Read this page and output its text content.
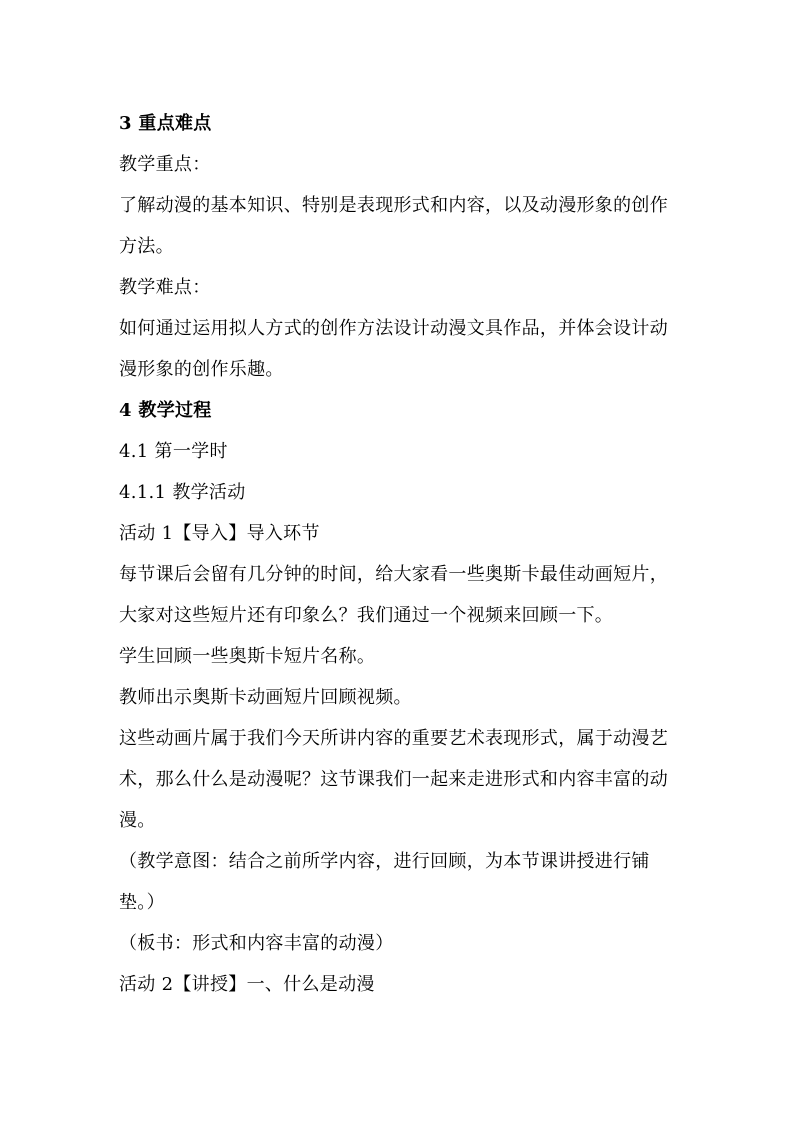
3 重点难点
教学重点：
了解动漫的基本知识、特别是表现形式和内容，以及动漫形象的创作
方法。
教学难点：
如何通过运用拟人方式的创作方法设计动漫文具作品，并体会设计动
漫形象的创作乐趣。
4 教学过程
4.1 第一学时
4.1.1 教学活动
活动 1【导入】导入环节
每节课后会留有几分钟的时间，给大家看一些奥斯卡最佳动画短片，
大家对这些短片还有印象么？我们通过一个视频来回顾一下。
学生回顾一些奥斯卡短片名称。
教师出示奥斯卡动画短片回顾视频。
这些动画片属于我们今天所讲内容的重要艺术表现形式，属于动漫艺
术，那么什么是动漫呢？这节课我们一起来走进形式和内容丰富的动
漫。
（教学意图：结合之前所学内容，进行回顾，为本节课讲授进行铺
垫。）
（板书：形式和内容丰富的动漫）
活动 2【讲授】一、什么是动漫
